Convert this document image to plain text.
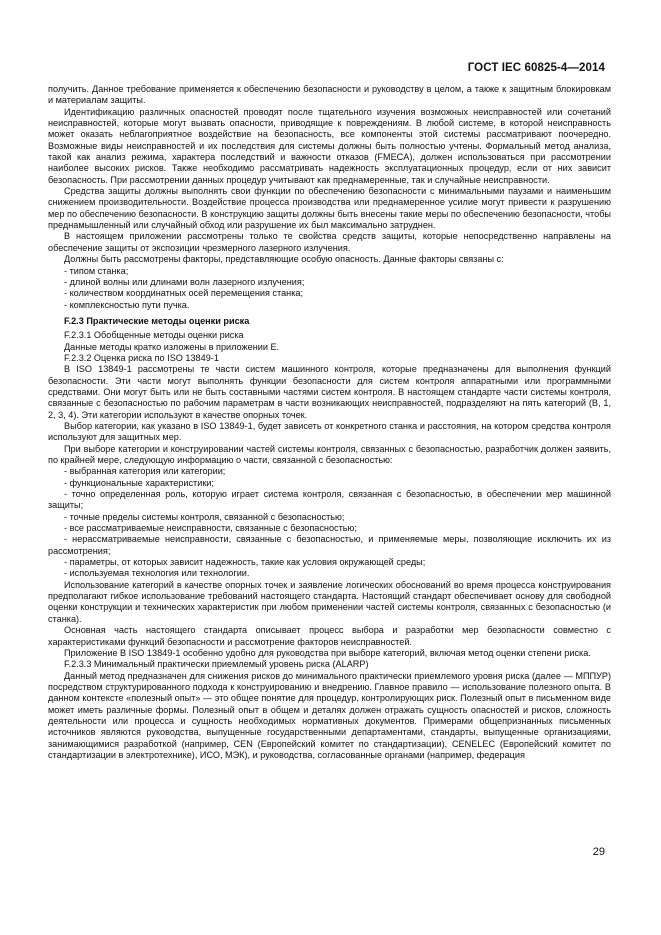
ГОСТ IEC 60825-4—2014

получить. Данное требование применяется к обеспечению безопасности и руководству в целом, а также к защитным блокировкам и материалам защиты.

Идентификацию различных опасностей проводят после тщательного изучения возможных неисправностей или сочетаний неисправностей, которые могут вызвать опасности, приводящие к повреждениям. В любой системе, в которой неисправность может оказать неблагоприятное воздействие на безопасность, все компоненты этой системы рассматривают поочередно. Возможные виды неисправностей и их последствия для системы должны быть полностью учтены. Формальный метод анализа, такой как анализ режима, характера последствий и важности отказов (FMECA), должен использоваться при рассмотрении наиболее высоких рисков. Также необходимо рассматривать надежность эксплуатационных процедур, если от них зависит безопасность. При рассмотрении данных процедур учитывают как преднамеренные, так и случайные неисправности.

Средства защиты должны выполнять свои функции по обеспечению безопасности с минимальными паузами и наименьшим снижением производительности. Воздействие процесса производства или преднамеренное усилие могут привести к разрушению мер по обеспечению безопасности. В конструкцию защиты должны быть внесены такие меры по обеспечению безопасности, чтобы преднамышленный или случайный обход или разрушение их был максимально затруднен.

В настоящем приложении рассмотрены только те свойства средств защиты, которые непосредственно направлены на обеспечение защиты от экспозиции чрезмерного лазерного излучения.

Должны быть рассмотрены факторы, представляющие особую опасность. Данные факторы связаны с:

- типом станка;

- длиной волны или длинами волн лазерного излучения;

- количеством координатных осей перемещения станка;

- комплексностью пути пучка.

F.2.3 Практические методы оценки риска

F.2.3.1 Обобщенные методы оценки риска

Данные методы кратко изложены в приложении Е.

F.2.3.2 Оценка риска по ISO 13849-1

В ISO 13849-1 рассмотрены те части систем машинного контроля, которые предназначены для выполнения функций безопасности. Эти части могут выполнять функции безопасности для систем контроля аппаратными или программными средствами. Они могут быть или не быть составными частями систем контроля. В настоящем стандарте части системы контроля, связанные с безопасностью по рабочим параметрам в части возникающих неисправностей, подразделяют на пять категорий (В, 1, 2, 3, 4). Эти категории используют в качестве опорных точек.

Выбор категории, как указано в ISO 13849-1, будет зависеть от конкретного станка и расстояния, на котором средства контроля используют для защитных мер.

При выборе категории и конструировании частей системы контроля, связанных с безопасностью, разработчик должен заявить, по крайней мере, следующую информацию о части, связанной с безопасностью:

- выбранная категория или категории;

- функциональные характеристики;

- точно определенная роль, которую играет система контроля, связанная с безопасностью, в обеспечении мер машинной защиты;

- точные пределы системы контроля, связанной с безопасностью;

- все рассматриваемые неисправности, связанные с безопасностью;

- нерассматриваемые неисправности, связанные с безопасностью, и применяемые меры, позволяющие исключить их из рассмотрения;

- параметры, от которых зависит надежность, такие как условия окружающей среды;

- используемая технология или технологии.

Использование категорий в качестве опорных точек и заявление логических обоснований во время процесса конструирования предполагают гибкое использование требований настоящего стандарта. Настоящий стандарт обеспечивает основу для свободной оценки конструкции и технических характеристик при любом применении частей системы контроля, связанных с безопасностью (и станка).

Основная часть настоящего стандарта описывает процесс выбора и разработки мер безопасности совместно с характеристиками функций безопасности и рассмотрение факторов неисправностей.

Приложение В ISO 13849-1 особенно удобно для руководства при выборе категорий, включая метод оценки степени риска.

F.2.3.3 Минимальный практически приемлемый уровень риска (ALARP)

Данный метод предназначен для снижения рисков до минимального практически приемлемого уровня риска (далее — МППУР) посредством структурированного подхода к конструированию и внедрению. Главное правило — использование полезного опыта. В данном контексте «полезный опыт» — это общее понятие для процедур, контролирующих риск. Полезный опыт в письменном виде может иметь различные формы. Полезный опыт в общем и деталях должен отражать сущность опасностей и рисков, сложность деятельности или процесса и сущность необходимых нормативных документов. Примерами общепризнанных письменных источников являются руководства, выпущенные государственными департаментами, стандарты, выпущенные организациями, занимающимися разработкой (например, CEN (Европейский комитет по стандартизации), CENELEC (Европейский комитет по стандартизации в электротехнике), ИСО, МЭК), и руководства, согласованные органами (например, федерация

29
